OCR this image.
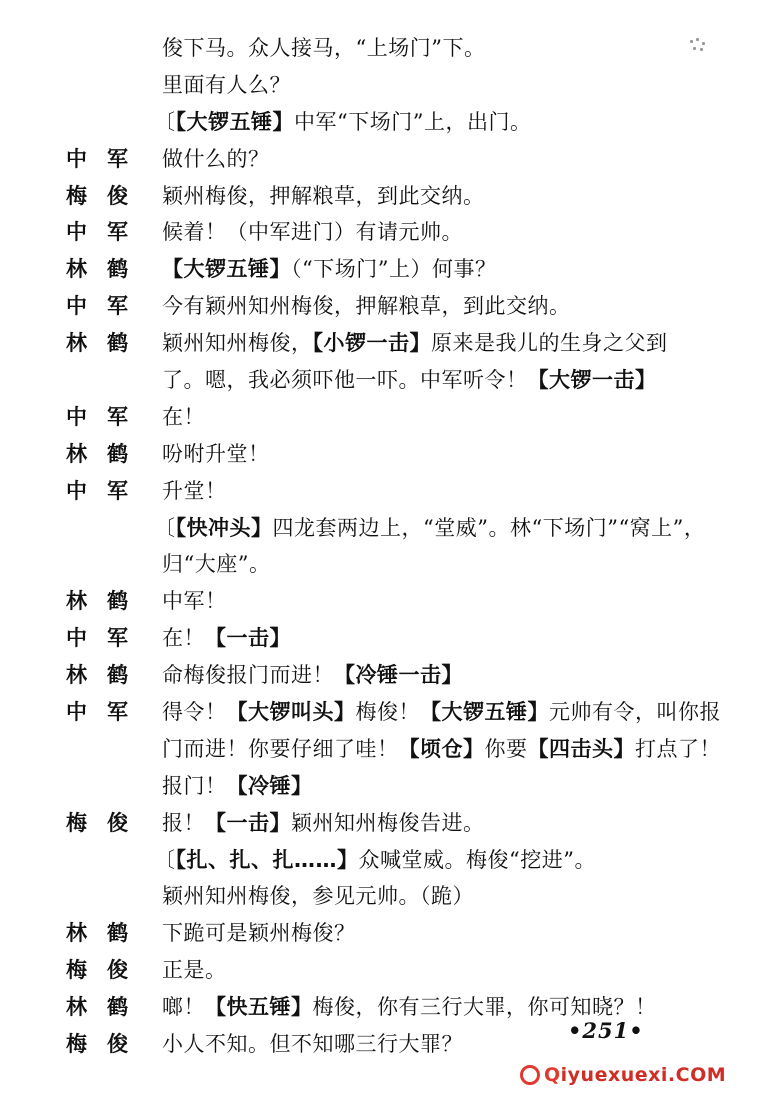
俊下马。众人接马，“上场门”下。
里面有人么？
〔【大锣五锤】中军“下场门”上，出门。
中军 做什么的？
梅俊 颖州梅俊，押解粮草，到此交纳。
中军 候着！（中军进门）有请元帅。
林鹤 【大锣五锤】（“下场门”上）何事？
中军 今有颖州知州梅俊，押解粮草，到此交纳。
林鹤 颖州知州梅俊，【小锣一击】原来是我儿的生身之父到
了。嗯，我必须吓他一吓。中军听令！【大锣一击】
中军 在！
林鹤 吩咐升堂！
中军 升堂！
〔【快冲头】四龙套两边上，“堂威”。林“下场门”“窝上”，
归“大座”。
林鹤 中军！
中军 在！【一击】
林鹤 命梅俊报门而进！【冷锤一击】
中军 得令！【大锣叫头】梅俊！【大锣五锤】元帅有令，叫你报
门而进！你要仔细了哇！【顷仓】你要【四击头】打点了！
报门！【冷锤】
梅俊 报！【一击】颖州知州梅俊告进。
〔【扎、扎、扎……】众喊堂威。梅俊“挖进”。
颖州知州梅俊，参见元帅。（跪）
林鹤 下跪可是颖州梅俊？
梅俊 正是。
林鹤 啷！【快五锤】梅俊，你有三行大罪，你可知晓？！
梅俊 小人不知。但不知哪三行大罪？
•251•
Qiyuexuexi.COM
